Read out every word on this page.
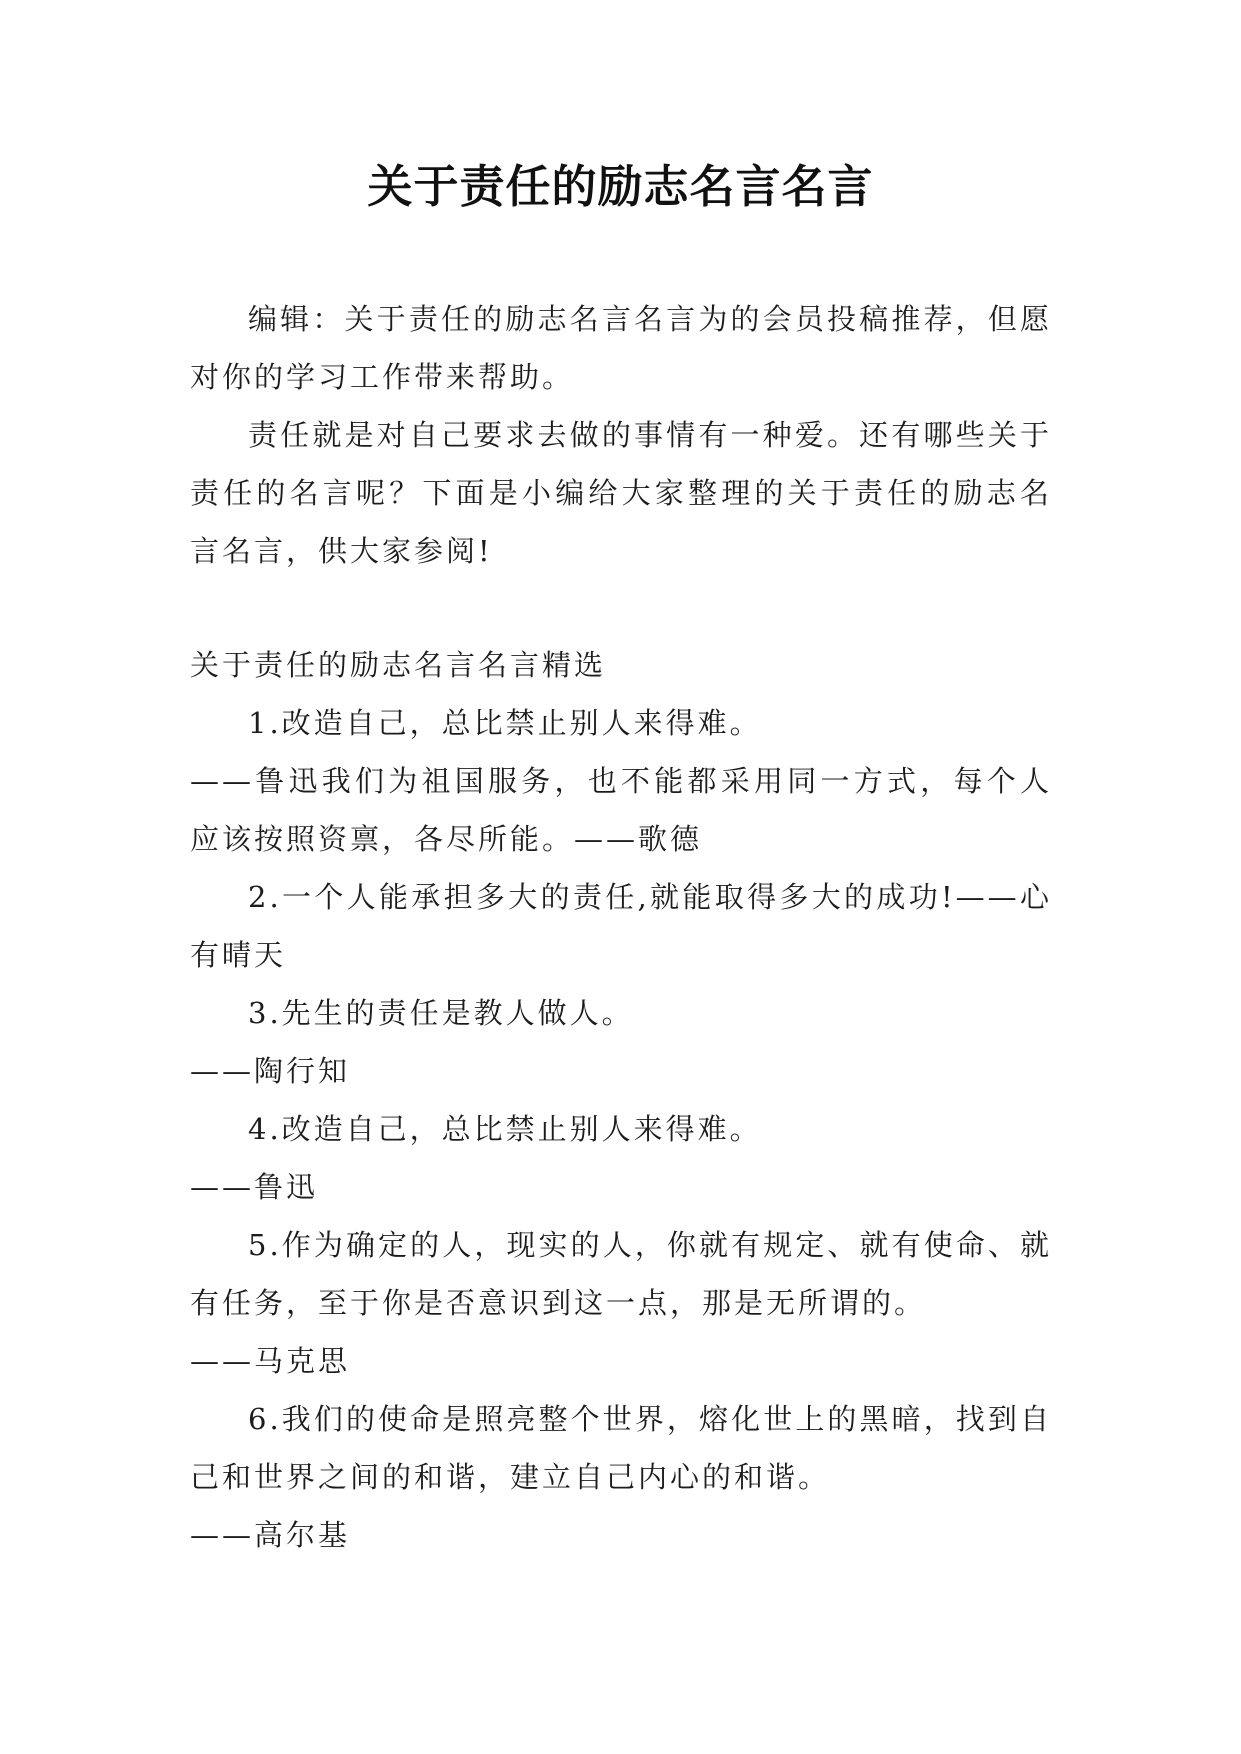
关于责任的励志名言名言

编辑：关于责任的励志名言名言为的会员投稿推荐，但愿对你的学习工作带来帮助。

责任就是对自己要求去做的事情有一种爱。还有哪些关于责任的名言呢？下面是小编给大家整理的关于责任的励志名言名言，供大家参阅!

关于责任的励志名言名言精选

1.改造自己，总比禁止别人来得难。

——鲁迅我们为祖国服务，也不能都采用同一方式，每个人应该按照资禀，各尽所能。——歌德

2.一个人能承担多大的责任,就能取得多大的成功!——心有晴天

3.先生的责任是教人做人。

——陶行知

4.改造自己，总比禁止别人来得难。

——鲁迅

5.作为确定的人，现实的人，你就有规定、就有使命、就有任务，至于你是否意识到这一点，那是无所谓的。

——马克思

6.我们的使命是照亮整个世界，熔化世上的黑暗，找到自己和世界之间的和谐，建立自己内心的和谐。

——高尔基
